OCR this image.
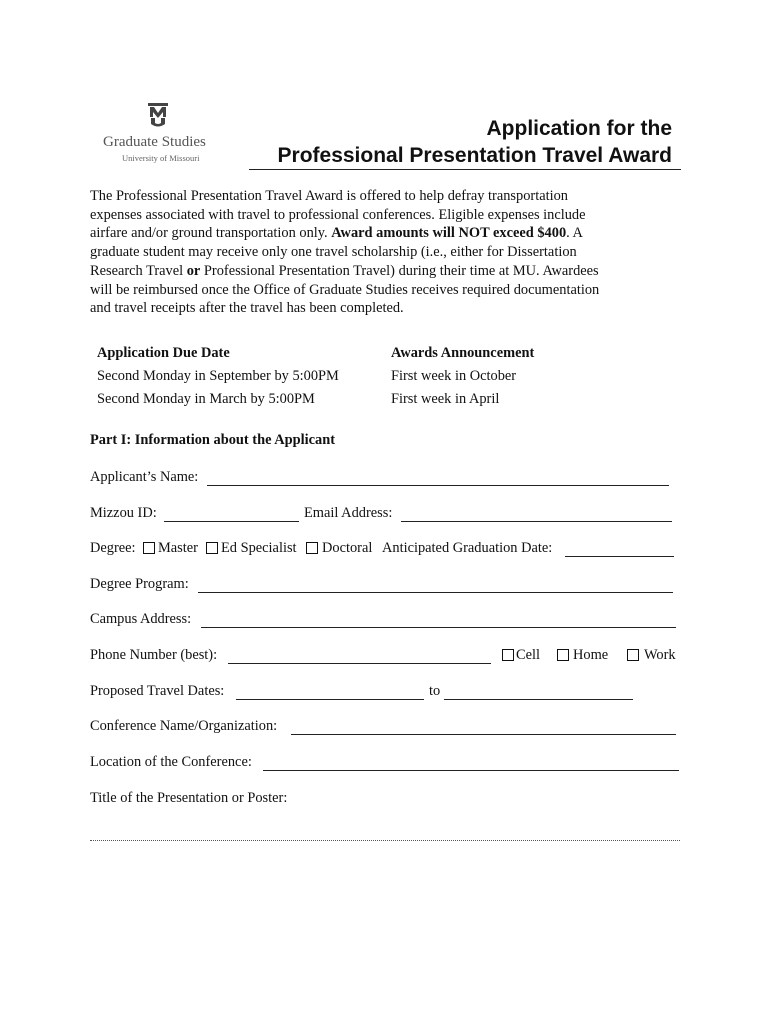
Graduate Studies
University of Missouri
Application for the
Professional Presentation Travel Award
The Professional Presentation Travel Award is offered to help defray transportation
expenses associated with travel to professional conferences. Eligible expenses include
airfare and/or ground transportation only. Award amounts will NOT exceed $400. A
graduate student may receive only one travel scholarship (i.e., either for Dissertation
Research Travel or Professional Presentation Travel) during their time at MU. Awardees
will be reimbursed once the Office of Graduate Studies receives required documentation
and travel receipts after the travel has been completed.
Application Due Date	Awards Announcement
Second Monday in September by 5:00PM	First week in October
Second Monday in March by 5:00PM	First week in April
Part I: Information about the Applicant
Applicant’s Name:
Mizzou ID:	Email Address:
Degree: Master Ed Specialist Doctoral Anticipated Graduation Date:
Degree Program:
Campus Address:
Phone Number (best):	Cell Home Work
Proposed Travel Dates:	to
Conference Name/Organization:
Location of the Conference:
Title of the Presentation or Poster:
